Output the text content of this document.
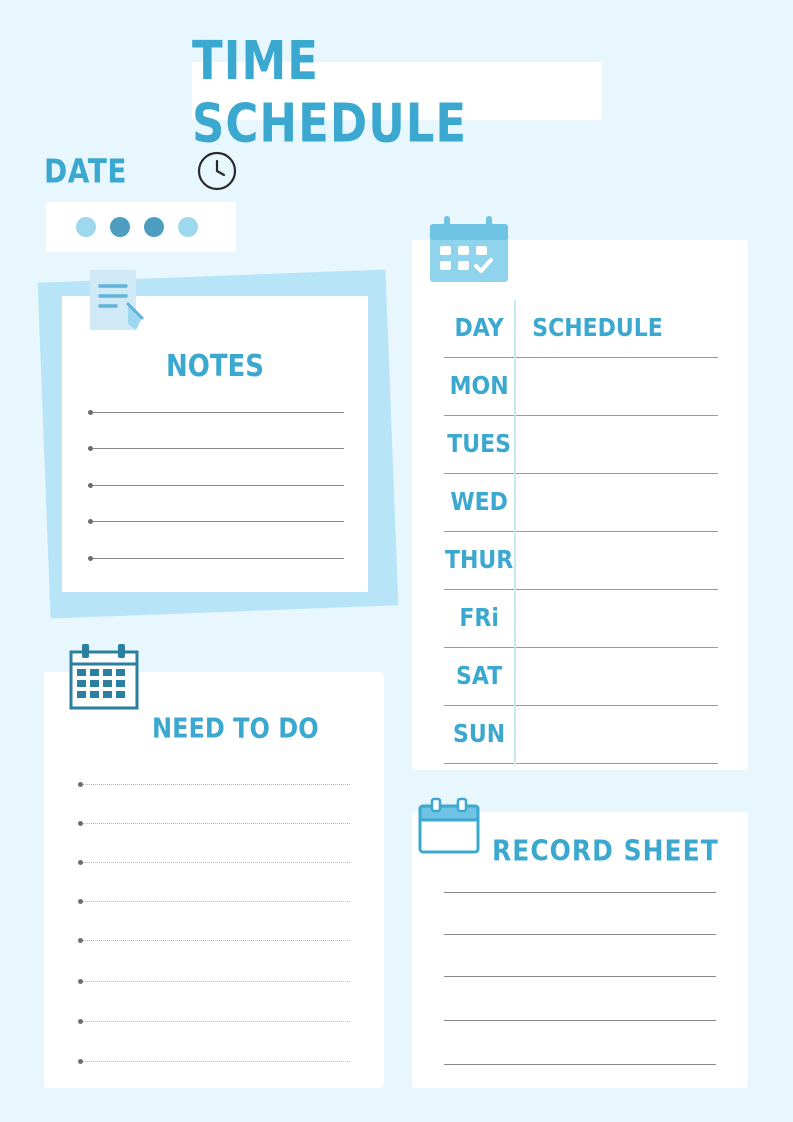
TIME SCHEDULE
DATE
NOTES
NEED TO DO
DAY	SCHEDULE
MON	
TUES	
WED	
THUR	
FRi	
SAT	
SUN	
RECORD SHEET
